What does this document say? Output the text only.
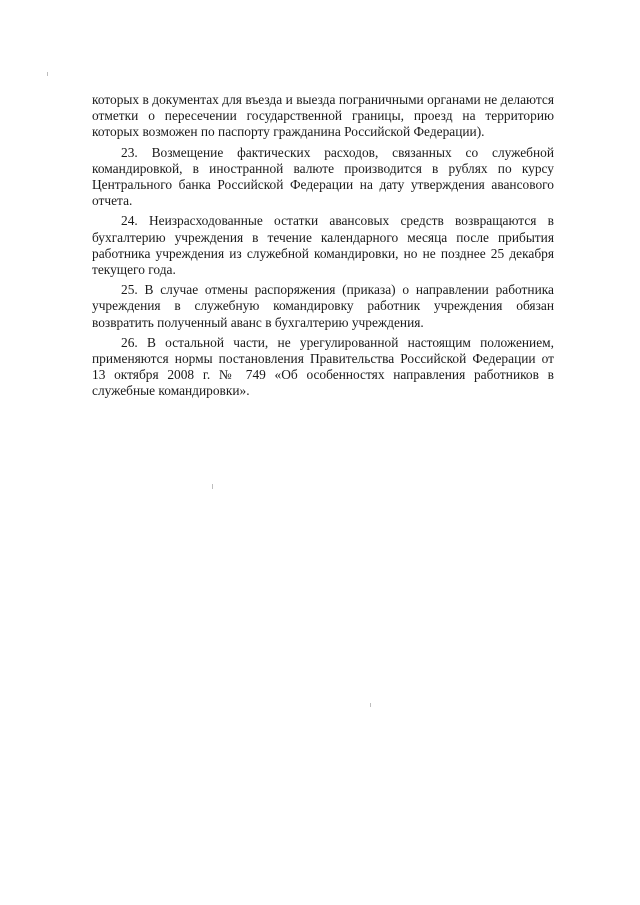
которых в документах для въезда и выезда пограничными органами не делаются отметки о пересечении государственной границы, проезд на территорию которых возможен по паспорту гражданина Российской Федерации).

23. Возмещение фактических расходов, связанных со служебной командировкой, в иностранной валюте производится в рублях по курсу Центрального банка Российской Федерации на дату утверждения авансового отчета.

24. Неизрасходованные остатки авансовых средств возвращаются в бухгалтерию учреждения в течение календарного месяца после прибытия работника учреждения из служебной командировки, но не позднее 25 декабря текущего года.

25. В случае отмены распоряжения (приказа) о направлении работника учреждения в служебную командировку работник учреждения обязан возвратить полученный аванс в бухгалтерию учреждения.

26. В остальной части, не урегулированной настоящим положением, применяются нормы постановления Правительства Российской Федерации от 13 октября 2008 г. № 749 «Об особенностях направления работников в служебные командировки».
